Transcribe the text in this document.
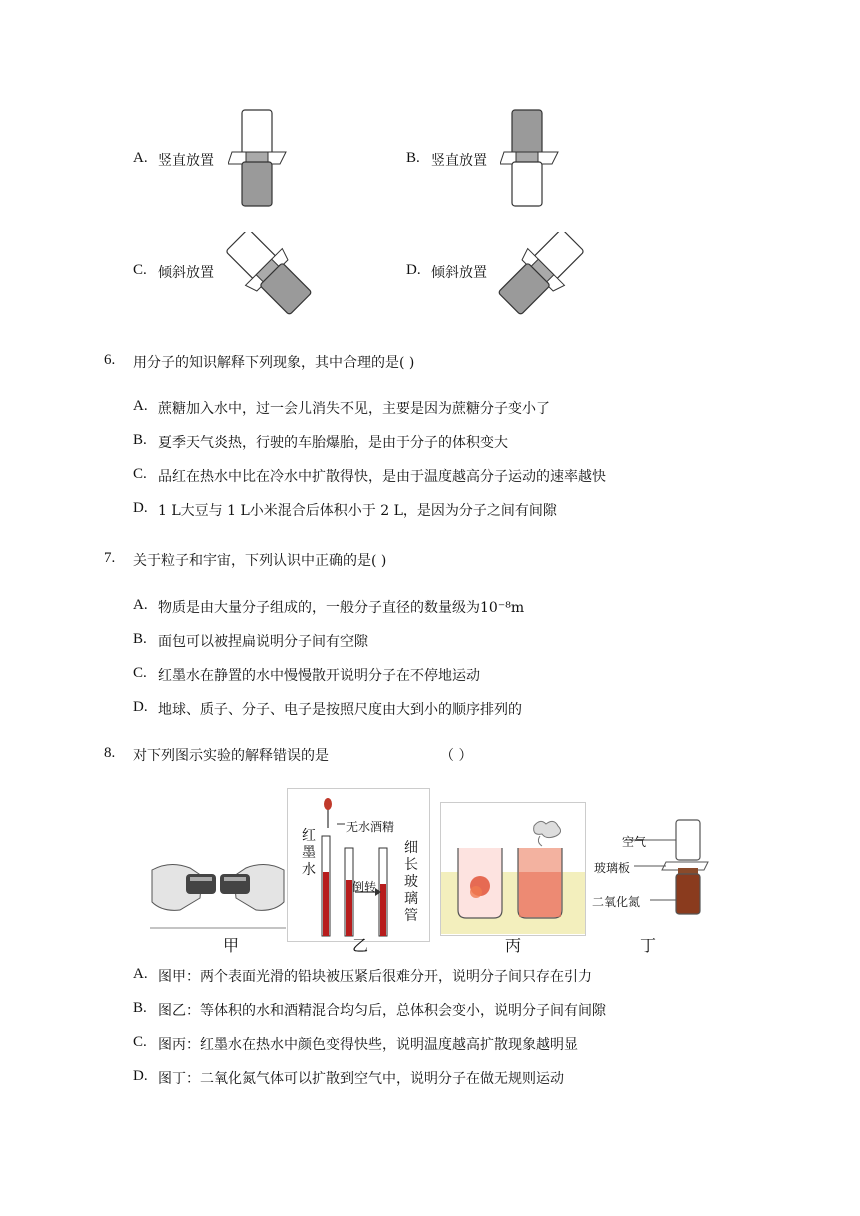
A. 竖直放置	B. 竖直放置
C. 倾斜放置	D. 倾斜放置
6. 用分子的知识解释下列现象，其中合理的是( )
A. 蔗糖加入水中，过一会儿消失不见，主要是因为蔗糖分子变小了
B. 夏季天气炎热，行驶的车胎爆胎，是由于分子的体积变大
C. 品红在热水中比在冷水中扩散得快，是由于温度越高分子运动的速率越快
D. 1 L大豆与 1 L小米混合后体积小于 2 L，是因为分子之间有间隙
7. 关于粒子和宇宙，下列认识中正确的是( )
A. 物质是由大量分子组成的，一般分子直径的数量级为10⁻⁸m
B. 面包可以被捏扁说明分子间有空隙
C. 红墨水在静置的水中慢慢散开说明分子在不停地运动
D. 地球、质子、分子、电子是按照尺度由大到小的顺序排列的
8. 对下列图示实验的解释错误的是	（ ）
红墨水
无水酒精
倒转
细长玻璃管
空气
玻璃板
二氧化氮
甲	乙	丙	丁
A. 图甲：两个表面光滑的铅块被压紧后很难分开，说明分子间只存在引力
B. 图乙：等体积的水和酒精混合均匀后，总体积会变小，说明分子间有间隙
C. 图丙：红墨水在热水中颜色变得快些，说明温度越高扩散现象越明显
D. 图丁：二氧化氮气体可以扩散到空气中，说明分子在做无规则运动
